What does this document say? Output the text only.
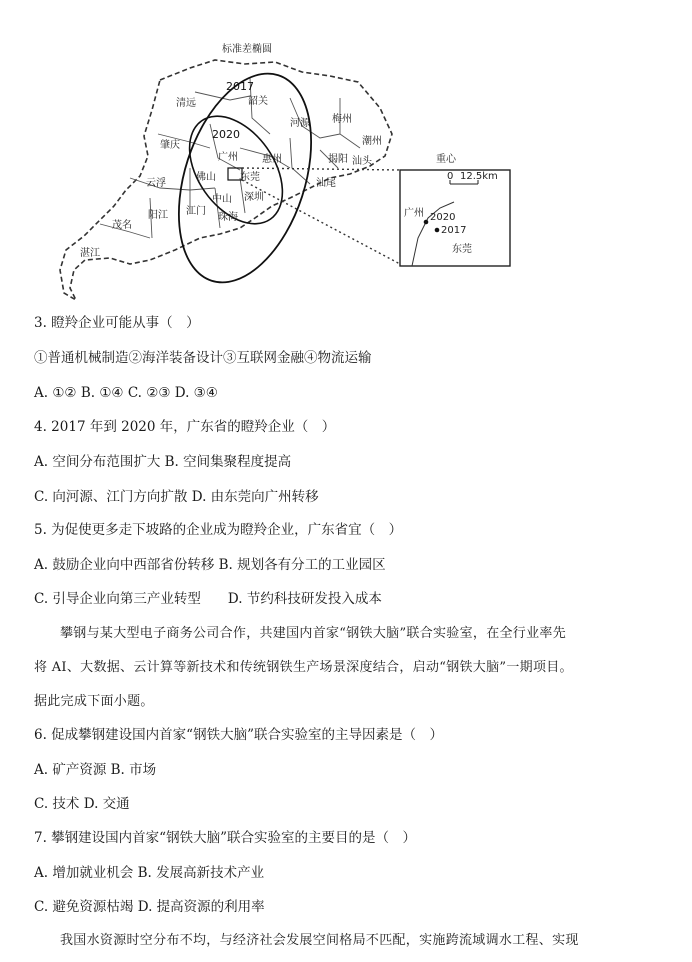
重心
0 12.5km
广州 2020
2017
东莞
标准差椭圆
2017
2020
清远	韶关
河源 梅州
潮州
肇庆
广州 惠州	揭阳 汕头
汕尾
云浮
佛山 东莞
深圳
茂名
阳江 江门
中山
珠海
湛江
3. 瞪羚企业可能从事（　）
①普通机械制造②海洋装备设计③互联网金融④物流运输
A. ①② B. ①④ C. ②③ D. ③④
4. 2017 年到 2020 年，广东省的瞪羚企业（　）
A. 空间分布范围扩大 B. 空间集聚程度提高
C. 向河源、江门方向扩散 D. 由东莞向广州转移
5. 为促使更多走下坡路的企业成为瞪羚企业，广东省宜（　）
A. 鼓励企业向中西部省份转移 B. 规划各有分工的工业园区
C. 引导企业向第三产业转型　　D. 节约科技研发投入成本
攀钢与某大型电子商务公司合作，共建国内首家“钢铁大脑”联合实验室，在全行业率先
将 AI、大数据、云计算等新技术和传统钢铁生产场景深度结合，启动“钢铁大脑”一期项目。
据此完成下面小题。
6. 促成攀钢建设国内首家“钢铁大脑”联合实验室的主导因素是（　）
A. 矿产资源 B. 市场
C. 技术 D. 交通
7. 攀钢建设国内首家“钢铁大脑”联合实验室的主要目的是（　）
A. 增加就业机会 B. 发展高新技术产业
C. 避免资源枯竭 D. 提高资源的利用率
我国水资源时空分布不均，与经济社会发展空间格局不匹配，实施跨流域调水工程、实现
